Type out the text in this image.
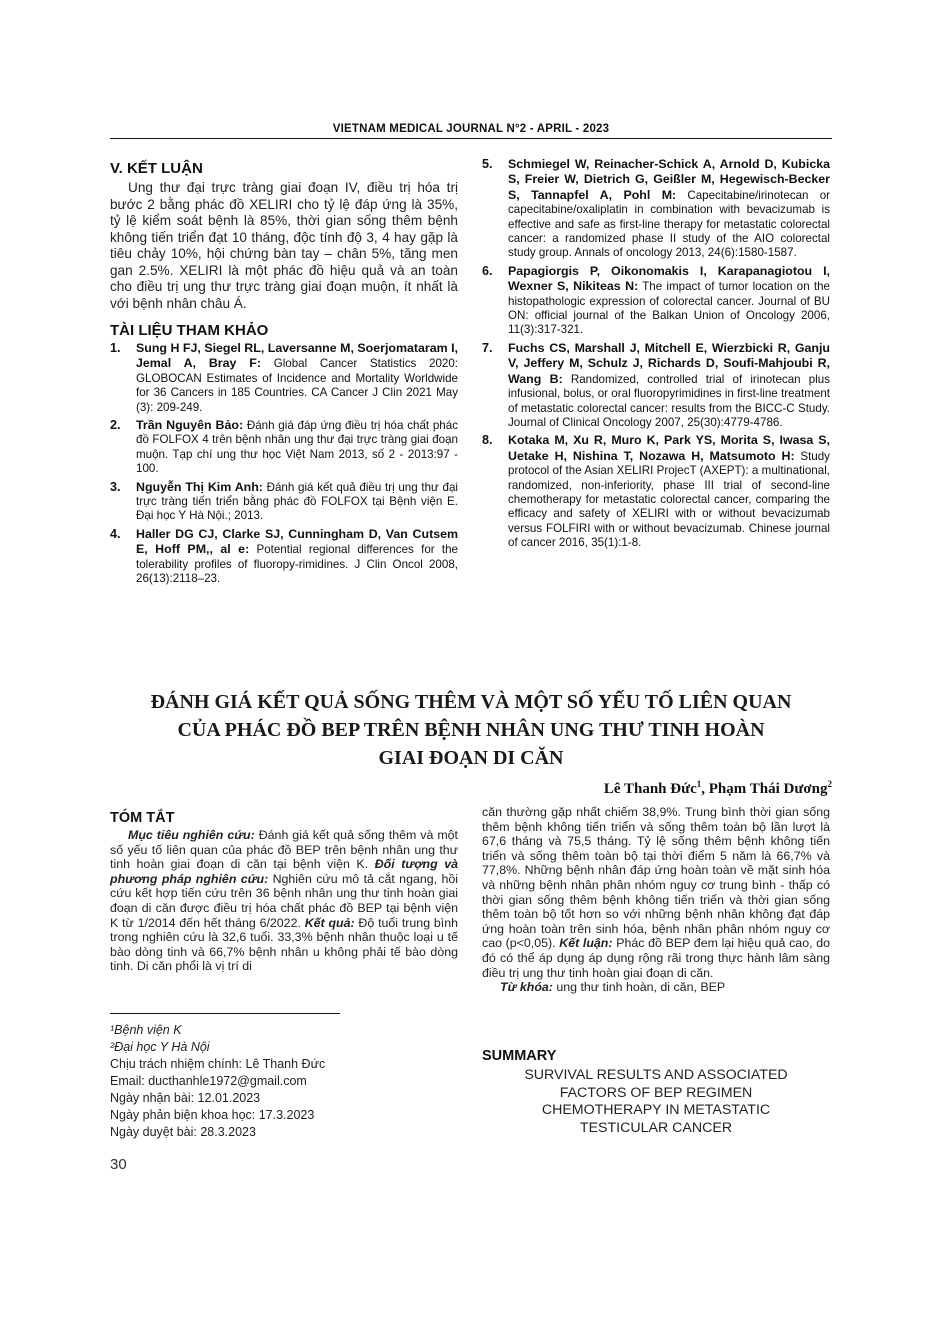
VIETNAM MEDICAL JOURNAL N°2 - APRIL - 2023
V. KẾT LUẬN

Ung thư đại trực tràng giai đoạn IV, điều trị hóa trị bước 2 bằng phác đồ XELIRI cho tỷ lệ đáp ứng là 35%, tỷ lệ kiểm soát bệnh là 85%, thời gian sống thêm bệnh không tiến triển đạt 10 tháng, độc tính độ 3, 4 hay gặp là tiêu chảy 10%, hội chứng bàn tay – chân 5%, tăng men gan 2.5%. XELIRI là một phác đồ hiệu quả và an toàn cho điều trị ung thư trực tràng giai đoạn muộn, ít nhất là với bệnh nhân châu Á.

TÀI LIỆU THAM KHẢO
1. Sung H FJ, Siegel RL, Laversanne M, Soerjomataram I, Jemal A, Bray F: Global Cancer Statistics 2020: GLOBOCAN Estimates of Incidence and Mortality Worldwide for 36 Cancers in 185 Countries. CA Cancer J Clin 2021 May (3): 209-249.
2. Trần Nguyên Bảo: Đánh giá đáp ứng điều trị hóa chất phác đồ FOLFOX 4 trên bệnh nhân ung thư đại trực tràng giai đoạn muộn. Tạp chí ung thư học Việt Nam 2013, số 2 - 2013:97 - 100.
3. Nguyễn Thị Kim Anh: Đánh giá kết quả điều trị ung thư đại trực tràng tiến triển bằng phác đồ FOLFOX tại Bệnh viện E. Đại học Y Hà Nội.; 2013.
4. Haller DG CJ, Clarke SJ, Cunningham D, Van Cutsem E, Hoff PM,, al e: Potential regional differences for the tolerability profiles of fluoropy-rimidines. J Clin Oncol 2008, 26(13):2118–23.
5. Schmiegel W, Reinacher-Schick A, Arnold D, Kubicka S, Freier W, Dietrich G, Geißler M, Hegewisch-Becker S, Tannapfel A, Pohl M: Capecitabine/irinotecan or capecitabine/oxaliplatin in combination with bevacizumab is effective and safe as first-line therapy for metastatic colorectal cancer: a randomized phase II study of the AIO colorectal study group. Annals of oncology 2013, 24(6):1580-1587.
6. Papagiorgis P, Oikonomakis I, Karapanagiotou I, Wexner S, Nikiteas N: The impact of tumor location on the histopathologic expression of colorectal cancer. Journal of BU ON: official journal of the Balkan Union of Oncology 2006, 11(3):317-321.
7. Fuchs CS, Marshall J, Mitchell E, Wierzbicki R, Ganju V, Jeffery M, Schulz J, Richards D, Soufi-Mahjoubi R, Wang B: Randomized, controlled trial of irinotecan plus infusional, bolus, or oral fluoropyrimidines in first-line treatment of metastatic colorectal cancer: results from the BICC-C Study. Journal of Clinical Oncology 2007, 25(30):4779-4786.
8. Kotaka M, Xu R, Muro K, Park YS, Morita S, Iwasa S, Uetake H, Nishina T, Nozawa H, Matsumoto H: Study protocol of the Asian XELIRI ProjecT (AXEPT): a multinational, randomized, non-inferiority, phase III trial of second-line chemotherapy for metastatic colorectal cancer, comparing the efficacy and safety of XELIRI with or without bevacizumab versus FOLFIRI with or without bevacizumab. Chinese journal of cancer 2016, 35(1):1-8.
ĐÁNH GIÁ KẾT QUẢ SỐNG THÊM VÀ MỘT SỐ YẾU TỐ LIÊN QUAN
CỦA PHÁC ĐỒ BEP TRÊN BỆNH NHÂN UNG THƯ TINH HOÀN
GIAI ĐOẠN DI CĂN
Lê Thanh Đức$^1$, Phạm Thái Dương$^2$
TÓM TẮT

Mục tiêu nghiên cứu: Đánh giá kết quả sống thêm và một số yếu tố liên quan của phác đồ BEP trên bệnh nhân ung thư tinh hoàn giai đoạn di căn tại bệnh viện K. Đối tượng và phương pháp nghiên cứu: Nghiên cứu mô tả cắt ngang, hồi cứu kết hợp tiến cứu trên 36 bệnh nhân ung thư tinh hoàn giai đoạn di căn được điều trị hóa chất phác đồ BEP tại bệnh viện K từ 1/2014 đến hết tháng 6/2022. Kết quả: Độ tuổi trung bình trong nghiên cứu là 32,6 tuổi. 33,3% bệnh nhân thuộc loại u tế bào dòng tinh và 66,7% bệnh nhân u không phải tế bào dòng tinh. Di căn phổi là vị trí di

¹Bệnh viện K
²Đại học Y Hà Nội
Chịu trách nhiệm chính: Lê Thanh Đức
Email: ducthanhle1972@gmail.com
Ngày nhận bài: 12.01.2023
Ngày phản biện khoa học: 17.3.2023
Ngày duyệt bài: 28.3.2023

căn thường gặp nhất chiếm 38,9%. Trung bình thời gian sống thêm bệnh không tiến triển và sống thêm toàn bộ lần lượt là 67,6 tháng và 75,5 tháng. Tỷ lệ sống thêm bệnh không tiến triển và sống thêm toàn bộ tại thời điểm 5 năm là 66,7% và 77,8%. Những bệnh nhân đáp ứng hoàn toàn về mặt sinh hóa và những bệnh nhân phân nhóm nguy cơ trung bình - thấp có thời gian sống thêm bệnh không tiến triển và thời gian sống thêm toàn bộ tốt hơn so với những bệnh nhân không đạt đáp ứng hoàn toàn trên sinh hóa, bệnh nhân phân nhóm nguy cơ cao (p<0,05). Kết luận: Phác đồ BEP đem lại hiệu quả cao, do đó có thể áp dụng áp dụng rộng rãi trong thực hành lâm sàng điều trị ung thư tinh hoàn giai đoạn di căn.

Từ khóa: ung thư tinh hoàn, di căn, BEP

SUMMARY
SURVIVAL RESULTS AND ASSOCIATED
FACTORS OF BEP REGIMEN
CHEMOTHERAPY IN METASTATIC
TESTICULAR CANCER
30
